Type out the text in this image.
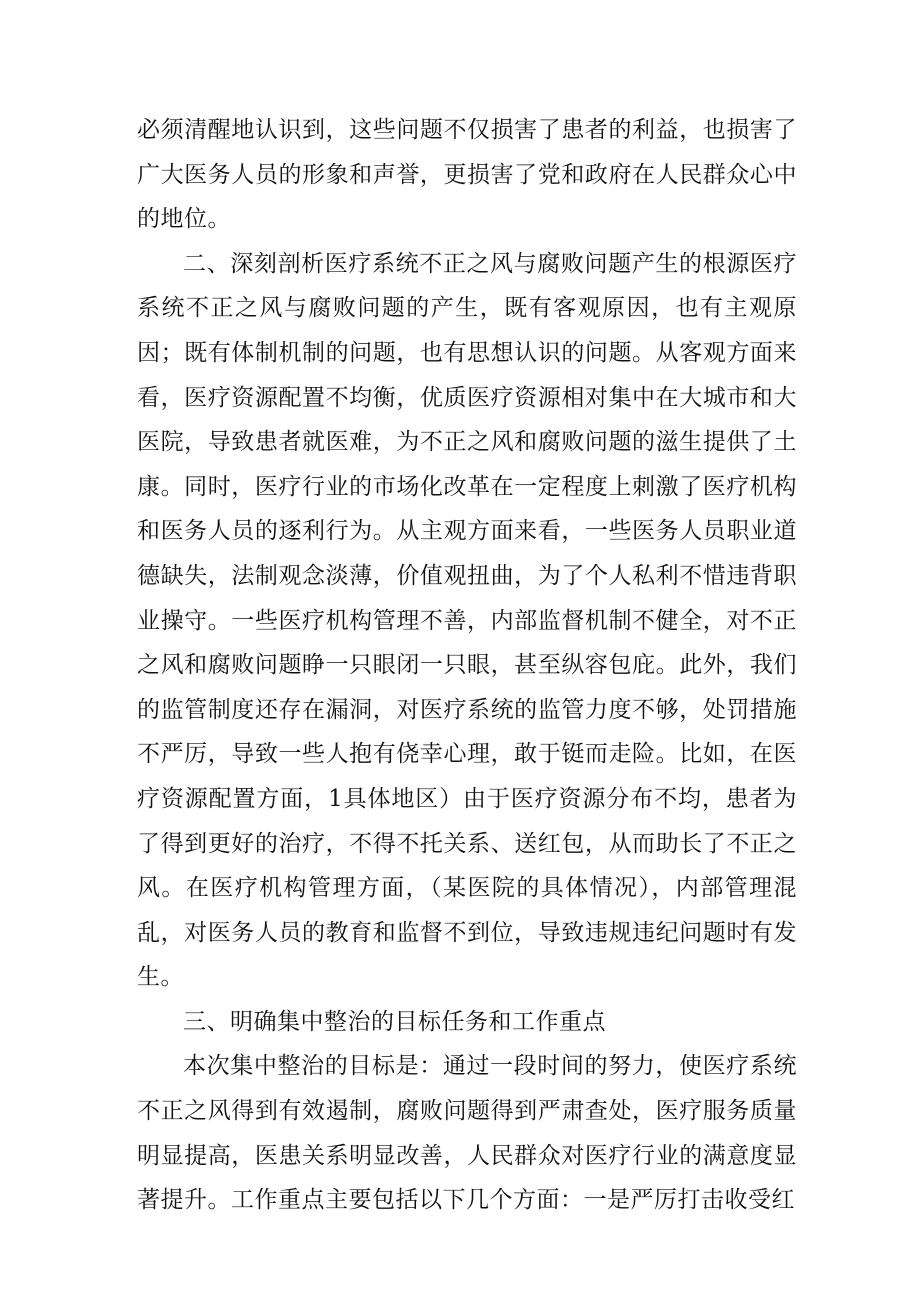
必须清醒地认识到，这些问题不仅损害了患者的利益，也损害了广大医务人员的形象和声誉，更损害了党和政府在人民群众心中的地位。

二、深刻剖析医疗系统不正之风与腐败问题产生的根源医疗系统不正之风与腐败问题的产生，既有客观原因，也有主观原因；既有体制机制的问题，也有思想认识的问题。从客观方面来看，医疗资源配置不均衡，优质医疗资源相对集中在大城市和大医院，导致患者就医难，为不正之风和腐败问题的滋生提供了土康。同时，医疗行业的市场化改革在一定程度上刺激了医疗机构和医务人员的逐利行为。从主观方面来看，一些医务人员职业道德缺失，法制观念淡薄，价值观扭曲，为了个人私利不惜违背职业操守。一些医疗机构管理不善，内部监督机制不健全，对不正之风和腐败问题睁一只眼闭一只眼，甚至纵容包庇。此外，我们的监管制度还存在漏洞，对医疗系统的监管力度不够，处罚措施不严厉，导致一些人抱有侥幸心理，敢于铤而走险。比如，在医疗资源配置方面，1具体地区）由于医疗资源分布不均，患者为了得到更好的治疗，不得不托关系、送红包，从而助长了不正之风。在医疗机构管理方面，（某医院的具体情况），内部管理混乱，对医务人员的教育和监督不到位，导致违规违纪问题时有发生。

三、明确集中整治的目标任务和工作重点

本次集中整治的目标是：通过一段时间的努力，使医疗系统不正之风得到有效遏制，腐败问题得到严肃查处，医疗服务质量明显提高，医患关系明显改善，人民群众对医疗行业的满意度显著提升。工作重点主要包括以下几个方面：一是严厉打击收受红
